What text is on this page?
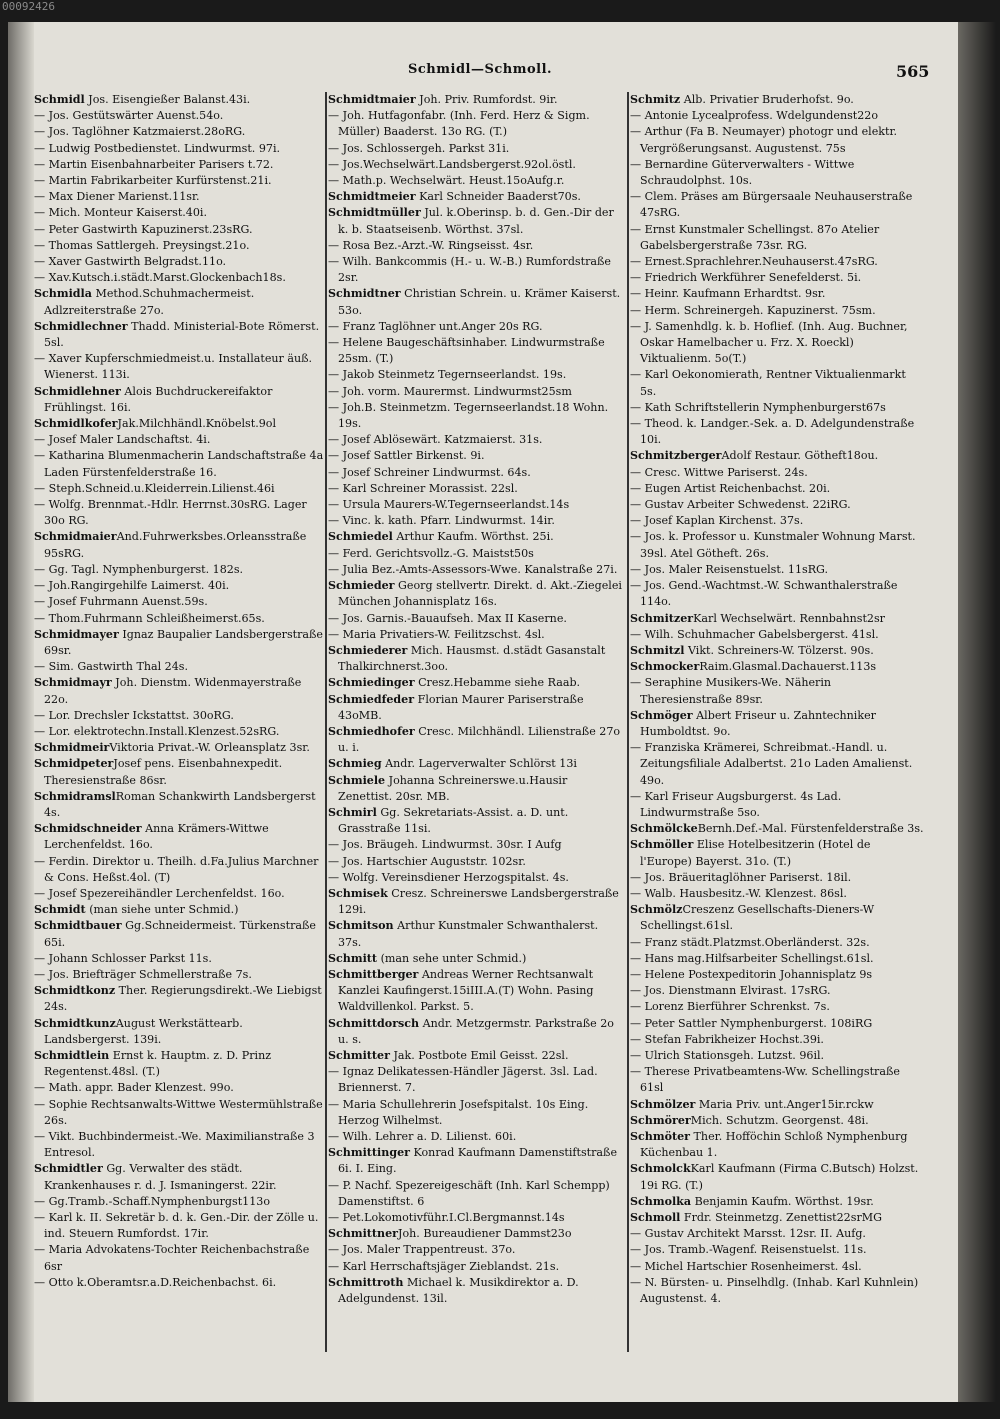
00092426
Schmidl—Schmoll.	565

Schmidl Jos. Eisengießer Balanst.43i.

— Jos. Gestütswärter Auenst.54o.

— Jos. Taglöhner Katzmaierst.28oRG.

— Ludwig Postbedienstet. Lindwurmst. 97i.

— Martin Eisenbahnarbeiter Parisers t.72.

— Martin Fabrikarbeiter Kurfürstenst.21i.

— Max Diener Marienst.11sr.

— Mich. Monteur Kaiserst.40i.

— Peter Gastwirth Kapuzinerst.23sRG.

— Thomas Sattlergeh. Preysingst.21o.

— Xaver Gastwirth Belgradst.11o.

— Xav.Kutsch.i.städt.Marst.Glockenbach18s.

Schmidla Method.Schuhmachermeist. Adlzreiterstraße 27o.

Schmidlechner Thadd. Ministerial-Bote Römerst. 5sl.

— Xaver Kupferschmiedmeist.u. Installateur äuß. Wienerst. 113i.

Schmidlehner Alois Buchdruckereifaktor Frühlingst. 16i.

SchmidlkoferJak.Milchhändl.Knöbelst.9ol

— Josef Maler Landschaftst. 4i.

— Katharina Blumenmacherin Landschaftstraße 4a Laden Fürstenfelderstraße 16.

— Steph.Schneid.u.Kleiderrein.Lilienst.46i

— Wolfg. Brennmat.-Hdlr. Herrnst.30sRG. Lager 30o RG.

SchmidmaierAnd.Fuhrwerksbes.Orleansstraße 95sRG.

— Gg. Tagl. Nymphenburgerst. 182s.

— Joh.Rangirgehilfe Laimerst. 40i.

— Josef Fuhrmann Auenst.59s.

— Thom.Fuhrmann Schleißheimerst.65s.

Schmidmayer Ignaz Baupalier Landsbergerstraße 69sr.

— Sim. Gastwirth Thal 24s.

Schmidmayr Joh. Dienstm. Widenmayerstraße 22o.

— Lor. Drechsler Ickstattst. 30oRG.

— Lor. elektrotechn.Install.Klenzest.52sRG.

SchmidmeirViktoria Privat.-W. Orleansplatz 3sr.

SchmidpeterJosef pens. Eisenbahnexpedit. Theresienstraße 86sr.

SchmidramslRoman Schankwirth Landsbergerst 4s.

Schmidschneider Anna Krämers-Wittwe Lerchenfeldst. 16o.

— Ferdin. Direktor u. Theilh. d.Fa.Julius Marchner & Cons. Heßst.4ol. (T)

— Josef Spezereihändler Lerchenfeldst. 16o.

Schmidt (man siehe unter Schmid.)

Schmidtbauer Gg.Schneidermeist. Türkenstraße 65i.

— Johann Schlosser Parkst 11s.

— Jos. Briefträger Schmellerstraße 7s.

Schmidtkonz Ther. Regierungsdirekt.-We Liebigst 24s.

SchmidtkunzAugust Werkstättearb. Landsbergerst. 139i.

Schmidtlein Ernst k. Hauptm. z. D. Prinz Regentenst.48sl. (T.)

— Math. appr. Bader Klenzest. 99o.

— Sophie Rechtsanwalts-Wittwe Westermühlstraße 26s.

— Vikt. Buchbindermeist.-We. Maximilianstraße 3 Entresol.

Schmidtler Gg. Verwalter des städt. Krankenhauses r. d. J. Ismaningerst. 22ir.

— Gg.Tramb.-Schaff.Nymphenburgst113o

— Karl k. II. Sekretär b. d. k. Gen.-Dir. der Zölle u. ind. Steuern Rumfordst. 17ir.

— Maria Advokatens-Tochter Reichenbachstraße 6sr

— Otto k.Oberamtsr.a.D.Reichenbachst. 6i.

Schmidtmaier Joh. Priv. Rumfordst. 9ir.

— Joh. Hutfagonfabr. (Inh. Ferd. Herz & Sigm. Müller) Baaderst. 13o RG. (T.)

— Jos. Schlossergeh. Parkst 31i.

— Jos.Wechselwärt.Landsbergerst.92ol.östl.

— Math.p. Wechselwärt. Heust.15oAufg.r.

Schmidtmeier Karl Schneider Baaderst70s.

Schmidtmüller Jul. k.Oberinsp. b. d. Gen.-Dir der k. b. Staatseisenb. Wörthst. 37sl.

— Rosa Bez.-Arzt.-W. Ringseisst. 4sr.

— Wilh. Bankcommis (H.- u. W.-B.) Rumfordstraße 2sr.

Schmidtner Christian Schrein. u. Krämer Kaiserst. 53o.

— Franz Taglöhner unt.Anger 20s RG.

— Helene Baugeschäftsinhaber. Lindwurmstraße 25sm. (T.)

— Jakob Steinmetz Tegernseerlandst. 19s.

— Joh. vorm. Maurermst. Lindwurmst25sm

— Joh.B. Steinmetzm. Tegernseerlandst.18 Wohn. 19s.

— Josef Ablösewärt. Katzmaierst. 31s.

— Josef Sattler Birkenst. 9i.

— Josef Schreiner Lindwurmst. 64s.

— Karl Schreiner Morassist. 22sl.

— Ursula Maurers-W.Tegernseerlandst.14s

— Vinc. k. kath. Pfarr. Lindwurmst. 14ir.

Schmiedel Arthur Kaufm. Wörthst. 25i.

— Ferd. Gerichtsvollz.-G. Maistst50s

— Julia Bez.-Amts-Assessors-Wwe. Kanalstraße 27i.

Schmieder Georg stellvertr. Direkt. d. Akt.-Ziegelei München Johannisplatz 16s.

— Jos. Garnis.-Bauaufseh. Max II Kaserne.

— Maria Privatiers-W. Feilitzschst. 4sl.

Schmiederer Mich. Hausmst. d.städt Gasanstalt Thalkirchnerst.3oo.

Schmiedinger Cresz.Hebamme siehe Raab.

Schmiedfeder Florian Maurer Pariserstraße 43oMB.

Schmiedhofer Cresc. Milchhändl. Lilienstraße 27o u. i.

Schmieg Andr. Lagerverwalter Schlörst 13i

Schmiele Johanna Schreinerswe.u.Hausir Zenettist. 20sr. MB.

Schmirl Gg. Sekretariats-Assist. a. D. unt. Grasstraße 11si.

— Jos. Bräugeh. Lindwurmst. 30sr. I Aufg

— Jos. Hartschier Auguststr. 102sr.

— Wolfg. Vereinsdiener Herzogspitalst. 4s.

Schmisek Cresz. Schreinerswe Landsbergerstraße 129i.

Schmitson Arthur Kunstmaler Schwanthalerst. 37s.

Schmitt (man sehe unter Schmid.)

Schmittberger Andreas Werner Rechtsanwalt Kanzlei Kaufingerst.15iIII.A.(T) Wohn. Pasing Waldvillenkol. Parkst. 5.

Schmittdorsch Andr. Metzgermstr. Parkstraße 2o u. s.

Schmitter Jak. Postbote Emil Geisst. 22sl.

— Ignaz Delikatessen-Händler Jägerst. 3sl. Lad. Briennerst. 7.

— Maria Schullehrerin Josefspitalst. 10s Eing. Herzog Wilhelmst.

— Wilh. Lehrer a. D. Lilienst. 60i.

Schmittinger Konrad Kaufmann Damenstiftstraße 6i. I. Eing.

— P. Nachf. Spezereigeschäft (Inh. Karl Schempp) Damenstiftst. 6

— Pet.Lokomotivführ.I.Cl.Bergmannst.14s

SchmittnerJoh. Bureaudiener Dammst23o

— Jos. Maler Trappentreust. 37o.

— Karl Herrschaftsjäger Zieblandst. 21s.

Schmittroth Michael k. Musikdirektor a. D. Adelgundenst. 13il.

Schmitz Alb. Privatier Bruderhofst. 9o.

— Antonie Lycealprofess. Wdelgundenst22o

— Arthur (Fa B. Neumayer) photogr und elektr. Vergrößerungsanst. Augustenst. 75s

— Bernardine Güterverwalters - Wittwe Schraudolphst. 10s.

— Clem. Präses am Bürgersaale Neuhauserstraße 47sRG.

— Ernst Kunstmaler Schellingst. 87o Atelier Gabelsbergerstraße 73sr. RG.

— Ernest.Sprachlehrer.Neuhauserst.47sRG.

— Friedrich Werkführer Senefelderst. 5i.

— Heinr. Kaufmann Erhardtst. 9sr.

— Herm. Schreinergeh. Kapuzinerst. 75sm.

— J. Samenhdlg. k. b. Hoflief. (Inh. Aug. Buchner, Oskar Hamelbacher u. Frz. X. Roeckl) Viktualienm. 5o(T.)

— Karl Oekonomierath, Rentner Viktualienmarkt 5s.

— Kath Schriftstellerin Nymphenburgerst67s

— Theod. k. Landger.-Sek. a. D. Adelgundenstraße 10i.

SchmitzbergerAdolf Restaur. Götheft18ou.

— Cresc. Wittwe Pariserst. 24s.

— Eugen Artist Reichenbachst. 20i.

— Gustav Arbeiter Schwedenst. 22iRG.

— Josef Kaplan Kirchenst. 37s.

— Jos. k. Professor u. Kunstmaler Wohnung Marst. 39sl. Atel Götheft. 26s.

— Jos. Maler Reisenstuelst. 11sRG.

— Jos. Gend.-Wachtmst.-W. Schwanthalerstraße 114o.

SchmitzerKarl Wechselwärt. Rennbahnst2sr

— Wilh. Schuhmacher Gabelsbergerst. 41sl.

Schmitzl Vikt. Schreiners-W. Tölzerst. 90s.

SchmockerRaim.Glasmal.Dachauerst.113s

— Seraphine Musikers-We. Näherin Theresienstraße 89sr.

Schmöger Albert Friseur u. Zahntechniker Humboldtst. 9o.

— Franziska Krämerei, Schreibmat.-Handl. u. Zeitungsfiliale Adalbertst. 21o Laden Amalienst. 49o.

— Karl Friseur Augsburgerst. 4s Lad. Lindwurmstraße 5so.

SchmölckeBernh.Def.-Mal. Fürstenfelderstraße 3s.

Schmöller Elise Hotelbesitzerin (Hotel de l'Europe) Bayerst. 31o. (T.)

— Jos. Bräueritaglöhner Pariserst. 18il.

— Walb. Hausbesitz.-W. Klenzest. 86sl.

SchmölzCreszenz Gesellschafts-Dieners-W Schellingst.61sl.

— Franz städt.Platzmst.Oberländerst. 32s.

— Hans mag.Hilfsarbeiter Schellingst.61sl.

— Helene Postexpeditorin Johannisplatz 9s

— Jos. Dienstmann Elvirast. 17sRG.

— Lorenz Bierführer Schrenkst. 7s.

— Peter Sattler Nymphenburgerst. 108iRG

— Stefan Fabrikheizer Hochst.39i.

— Ulrich Stationsgeh. Lutzst. 96il.

— Therese Privatbeamtens-Ww. Schellingstraße 61sl

Schmölzer Maria Priv. unt.Anger15ir.rckw

SchmörerMich. Schutzm. Georgenst. 48i.

Schmöter Ther. Hofföchin Schloß Nymphenburg Küchenbau 1.

SchmolckKarl Kaufmann (Firma C.Butsch) Holzst. 19i RG. (T.)

Schmolka Benjamin Kaufm. Wörthst. 19sr.

Schmoll Frdr. Steinmetzg. Zenettist22srMG

— Gustav Architekt Marsst. 12sr. II. Aufg.

— Jos. Tramb.-Wagenf. Reisenstuelst. 11s.

— Michel Hartschier Rosenheimerst. 4sl.

— N. Bürsten- u. Pinselhdlg. (Inhab. Karl Kuhnlein) Augustenst. 4.
